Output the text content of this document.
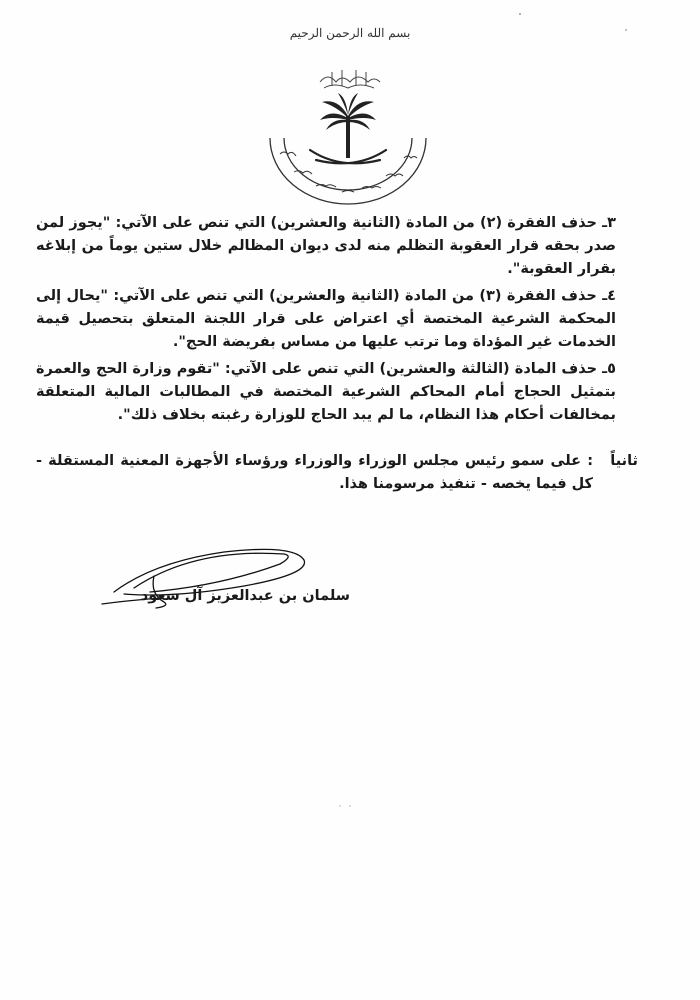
بسم الله الرحمن الرحيم
٣ـ حذف الفقرة (٢) من المادة (الثانية والعشرين) التي تنص على الآتي: "يجوز لمن صدر بحقه قرار العقوبة التظلم منه لدى ديوان المظالم خلال ستين يوماً من إبلاغه بقرار العقوبة".
٤ـ حذف الفقرة (٣) من المادة (الثانية والعشرين) التي تنص على الآتي: "يحال إلى المحكمة الشرعية المختصة أي اعتراض على قرار اللجنة المتعلق بتحصيل قيمة الخدمات غير المؤداة وما ترتب عليها من مساس بفريضة الحج".
٥ـ حذف المادة (الثالثة والعشرين) التي تنص على الآتي: "تقوم وزارة الحج والعمرة بتمثيل الحجاج أمام المحاكم الشرعية المختصة في المطالبات المالية المتعلقة بمخالفات أحكام هذا النظام، ما لم يبد الحاج للوزارة رغبته بخلاف ذلك".
ثانياً
: على سمو رئيس مجلس الوزراء والوزراء ورؤساء الأجهزة المعنية المستقلة - كل فيما يخصه - تنفيذ مرسومنا هذا.
سلمان بن عبدالعزيز آل سعود
